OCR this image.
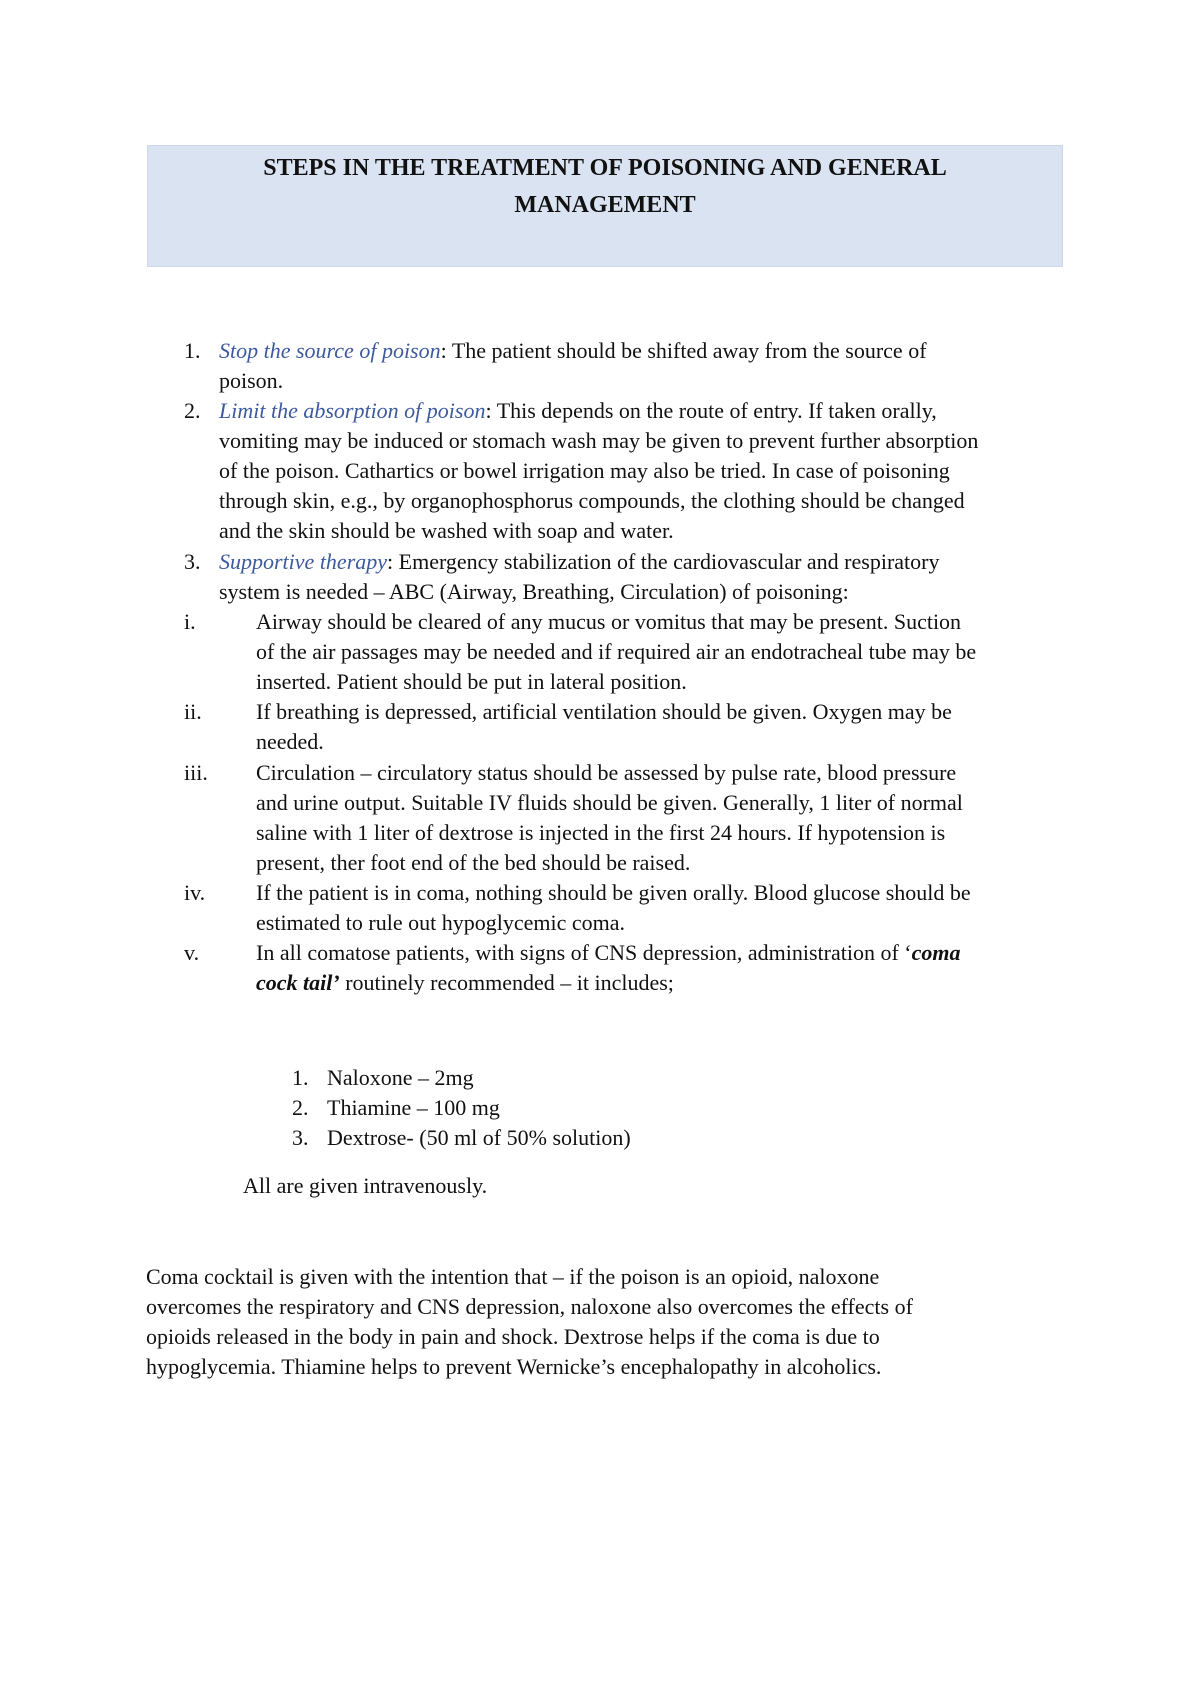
STEPS IN THE TREATMENT OF POISONING AND GENERAL
MANAGEMENT
1. Stop the source of poison: The patient should be shifted away from the source of
poison.
2. Limit the absorption of poison: This depends on the route of entry. If taken orally,
vomiting may be induced or stomach wash may be given to prevent further absorption
of the poison. Cathartics or bowel irrigation may also be tried. In case of poisoning
through skin, e.g., by organophosphorus compounds, the clothing should be changed
and the skin should be washed with soap and water.
3. Supportive therapy: Emergency stabilization of the cardiovascular and respiratory
system is needed – ABC (Airway, Breathing, Circulation) of poisoning:
i.	Airway should be cleared of any mucus or vomitus that may be present. Suction
of the air passages may be needed and if required air an endotracheal tube may be
inserted. Patient should be put in lateral position.
ii. If breathing is depressed, artificial ventilation should be given. Oxygen may be
needed.
iii. Circulation – circulatory status should be assessed by pulse rate, blood pressure
and urine output. Suitable IV fluids should be given. Generally, 1 liter of normal
saline with 1 liter of dextrose is injected in the first 24 hours. If hypotension is
present, ther foot end of the bed should be raised.
iv. If the patient is in coma, nothing should be given orally. Blood glucose should be
estimated to rule out hypoglycemic coma.
v.	In all comatose patients, with signs of CNS depression, administration of ‘coma
cock tail’ routinely recommended – it includes;
1. Naloxone – 2mg
2. Thiamine – 100 mg
3. Dextrose- (50 ml of 50% solution)
All are given intravenously.
Coma cocktail is given with the intention that – if the poison is an opioid, naloxone
overcomes the respiratory and CNS depression, naloxone also overcomes the effects of
opioids released in the body in pain and shock. Dextrose helps if the coma is due to
hypoglycemia. Thiamine helps to prevent Wernicke’s encephalopathy in alcoholics.
